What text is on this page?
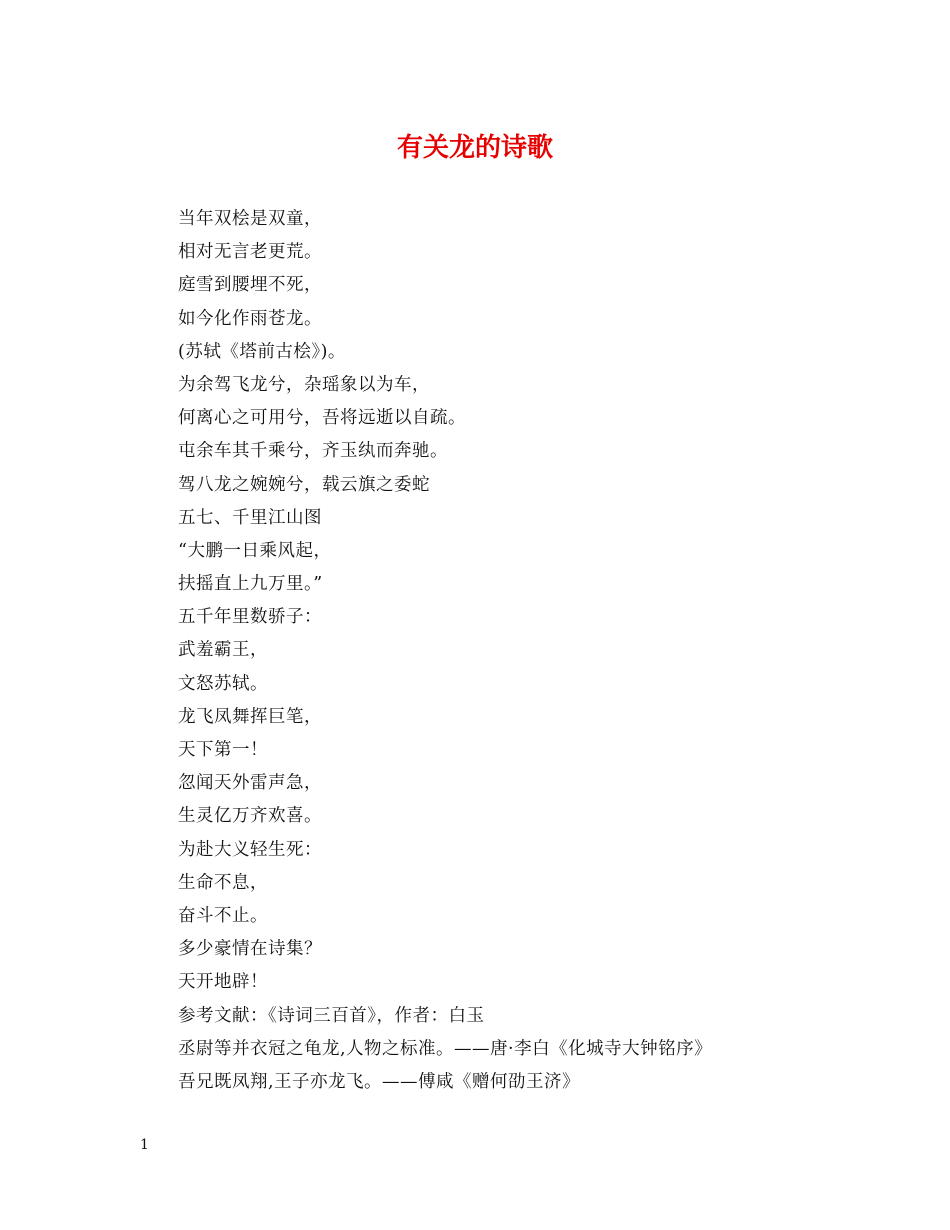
有关龙的诗歌
当年双桧是双童，
相对无言老更荒。
庭雪到腰埋不死，
如今化作雨苍龙。
(苏轼《塔前古桧》)。
为余驾飞龙兮，杂瑶象以为车，
何离心之可用兮，吾将远逝以自疏。
屯余车其千乘兮，齐玉纨而奔驰。
驾八龙之婉婉兮，载云旗之委蛇
五七、千里江山图
“大鹏一日乘风起，
扶摇直上九万里。”
五千年里数骄子：
武羞霸王，
文怒苏轼。
龙飞凤舞挥巨笔，
天下第一！
忽闻天外雷声急，
生灵亿万齐欢喜。
为赴大义轻生死：
生命不息，
奋斗不止。
多少豪情在诗集？
天开地辟！
参考文献：《诗词三百首》，作者：白玉
丞尉等并衣冠之龟龙,人物之标准。——唐·李白《化城寺大钟铭序》
吾兄既凤翔,王子亦龙飞。——傅咸《赠何劭王济》
1
